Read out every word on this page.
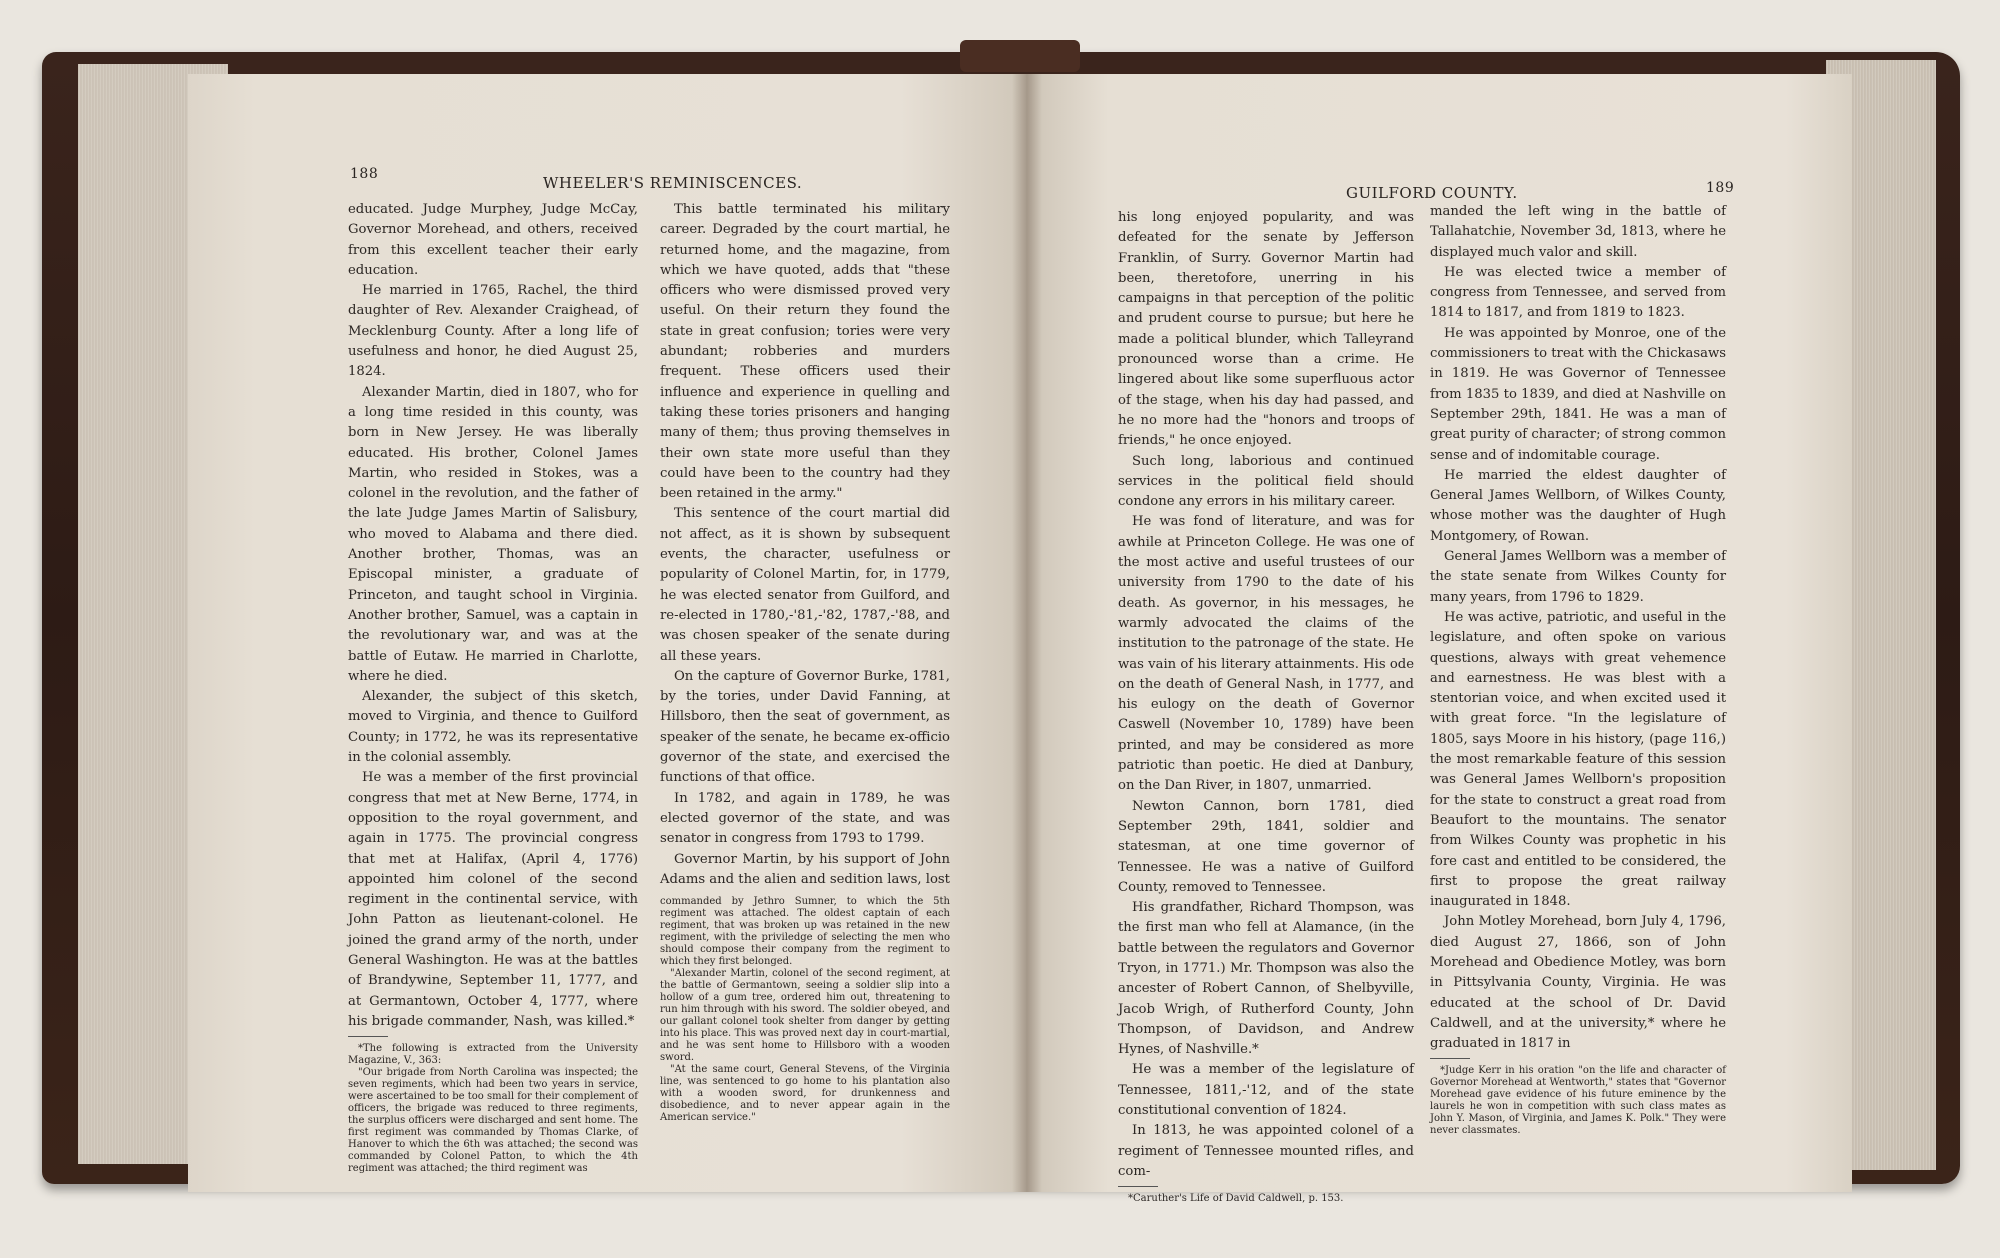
188	WHEELER'S REMINISCENCES.

educated. Judge Murphey, Judge McCay, Governor Morehead, and others, received from this excellent teacher their early education.

He married in 1765, Rachel, the third daughter of Rev. Alexander Craighead, of Mecklenburg County. After a long life of usefulness and honor, he died August 25, 1824.

Alexander Martin, died in 1807, who for a long time resided in this county, was born in New Jersey. He was liberally educated. His brother, Colonel James Martin, who resided in Stokes, was a colonel in the revolution, and the father of the late Judge James Martin of Salisbury, who moved to Alabama and there died. Another brother, Thomas, was an Episcopal minister, a graduate of Princeton, and taught school in Virginia. Another brother, Samuel, was a captain in the revolutionary war, and was at the battle of Eutaw. He married in Charlotte, where he died.

Alexander, the subject of this sketch, moved to Virginia, and thence to Guilford County; in 1772, he was its representative in the colonial assembly.

He was a member of the first provincial congress that met at New Berne, 1774, in opposition to the royal government, and again in 1775. The provincial congress that met at Halifax, (April 4, 1776) appointed him colonel of the second regiment in the continental service, with John Patton as lieutenant-colonel. He joined the grand army of the north, under General Washington. He was at the battles of Brandywine, September 11, 1777, and at Germantown, October 4, 1777, where his brigade commander, Nash, was killed.*

*The following is extracted from the University Magazine, V., 363:

"Our brigade from North Carolina was inspected; the seven regiments, which had been two years in service, were ascertained to be too small for their complement of officers, the brigade was reduced to three regiments, the surplus officers were discharged and sent home. The first regiment was commanded by Thomas Clarke, of Hanover to which the 6th was attached; the second was commanded by Colonel Patton, to which the 4th regiment was attached; the third regiment was

This battle terminated his military career. Degraded by the court martial, he returned home, and the magazine, from which we have quoted, adds that "these officers who were dismissed proved very useful. On their return they found the state in great confusion; tories were very abundant; robberies and murders frequent. These officers used their influence and experience in quelling and taking these tories prisoners and hanging many of them; thus proving themselves in their own state more useful than they could have been to the country had they been retained in the army."

This sentence of the court martial did not affect, as it is shown by subsequent events, the character, usefulness or popularity of Colonel Martin, for, in 1779, he was elected senator from Guilford, and re-elected in 1780,-'81,-'82, 1787,-'88, and was chosen speaker of the senate during all these years.

On the capture of Governor Burke, 1781, by the tories, under David Fanning, at Hillsboro, then the seat of government, as speaker of the senate, he became ex-officio governor of the state, and exercised the functions of that office.

In 1782, and again in 1789, he was elected governor of the state, and was senator in congress from 1793 to 1799.

Governor Martin, by his support of John Adams and the alien and sedition laws, lost

commanded by Jethro Sumner, to which the 5th regiment was attached. The oldest captain of each regiment, that was broken up was retained in the new regiment, with the priviledge of selecting the men who should compose their company from the regiment to which they first belonged.

"Alexander Martin, colonel of the second regiment, at the battle of Germantown, seeing a soldier slip into a hollow of a gum tree, ordered him out, threatening to run him through with his sword. The soldier obeyed, and our gallant colonel took shelter from danger by getting into his place. This was proved next day in court-martial, and he was sent home to Hillsboro with a wooden sword.

"At the same court, General Stevens, of the Virginia line, was sentenced to go home to his plantation also with a wooden sword, for drunkenness and disobedience, and to never appear again in the American service."

GUILFORD COUNTY.	189

his long enjoyed popularity, and was defeated for the senate by Jefferson Franklin, of Surry. Governor Martin had been, theretofore, unerring in his campaigns in that perception of the politic and prudent course to pursue; but here he made a political blunder, which Talleyrand pronounced worse than a crime. He lingered about like some superfluous actor of the stage, when his day had passed, and he no more had the "honors and troops of friends," he once enjoyed.

Such long, laborious and continued services in the political field should condone any errors in his military career.

He was fond of literature, and was for awhile at Princeton College. He was one of the most active and useful trustees of our university from 1790 to the date of his death. As governor, in his messages, he warmly advocated the claims of the institution to the patronage of the state. He was vain of his literary attainments. His ode on the death of General Nash, in 1777, and his eulogy on the death of Governor Caswell (November 10, 1789) have been printed, and may be considered as more patriotic than poetic. He died at Danbury, on the Dan River, in 1807, unmarried.

Newton Cannon, born 1781, died September 29th, 1841, soldier and statesman, at one time governor of Tennessee. He was a native of Guilford County, removed to Tennessee.

His grandfather, Richard Thompson, was the first man who fell at Alamance, (in the battle between the regulators and Governor Tryon, in 1771.) Mr. Thompson was also the ancester of Robert Cannon, of Shelbyville, Jacob Wrigh, of Rutherford County, John Thompson, of Davidson, and Andrew Hynes, of Nashville.*

He was a member of the legislature of Tennessee, 1811,-'12, and of the state constitutional convention of 1824.

In 1813, he was appointed colonel of a regiment of Tennessee mounted rifles, and com-

*Caruther's Life of David Caldwell, p. 153.

manded the left wing in the battle of Tallahatchie, November 3d, 1813, where he displayed much valor and skill.

He was elected twice a member of congress from Tennessee, and served from 1814 to 1817, and from 1819 to 1823.

He was appointed by Monroe, one of the commissioners to treat with the Chickasaws in 1819. He was Governor of Tennessee from 1835 to 1839, and died at Nashville on September 29th, 1841. He was a man of great purity of character; of strong common sense and of indomitable courage.

He married the eldest daughter of General James Wellborn, of Wilkes County, whose mother was the daughter of Hugh Montgomery, of Rowan.

General James Wellborn was a member of the state senate from Wilkes County for many years, from 1796 to 1829.

He was active, patriotic, and useful in the legislature, and often spoke on various questions, always with great vehemence and earnestness. He was blest with a stentorian voice, and when excited used it with great force. "In the legislature of 1805, says Moore in his history, (page 116,) the most remarkable feature of this session was General James Wellborn's proposition for the state to construct a great road from Beaufort to the mountains. The senator from Wilkes County was prophetic in his fore cast and entitled to be considered, the first to propose the great railway inaugurated in 1848.

John Motley Morehead, born July 4, 1796, died August 27, 1866, son of John Morehead and Obedience Motley, was born in Pittsylvania County, Virginia. He was educated at the school of Dr. David Caldwell, and at the university,* where he graduated in 1817 in

*Judge Kerr in his oration "on the life and character of Governor Morehead at Wentworth," states that "Governor Morehead gave evidence of his future eminence by the laurels he won in competition with such class mates as John Y. Mason, of Virginia, and James K. Polk." They were never classmates.
